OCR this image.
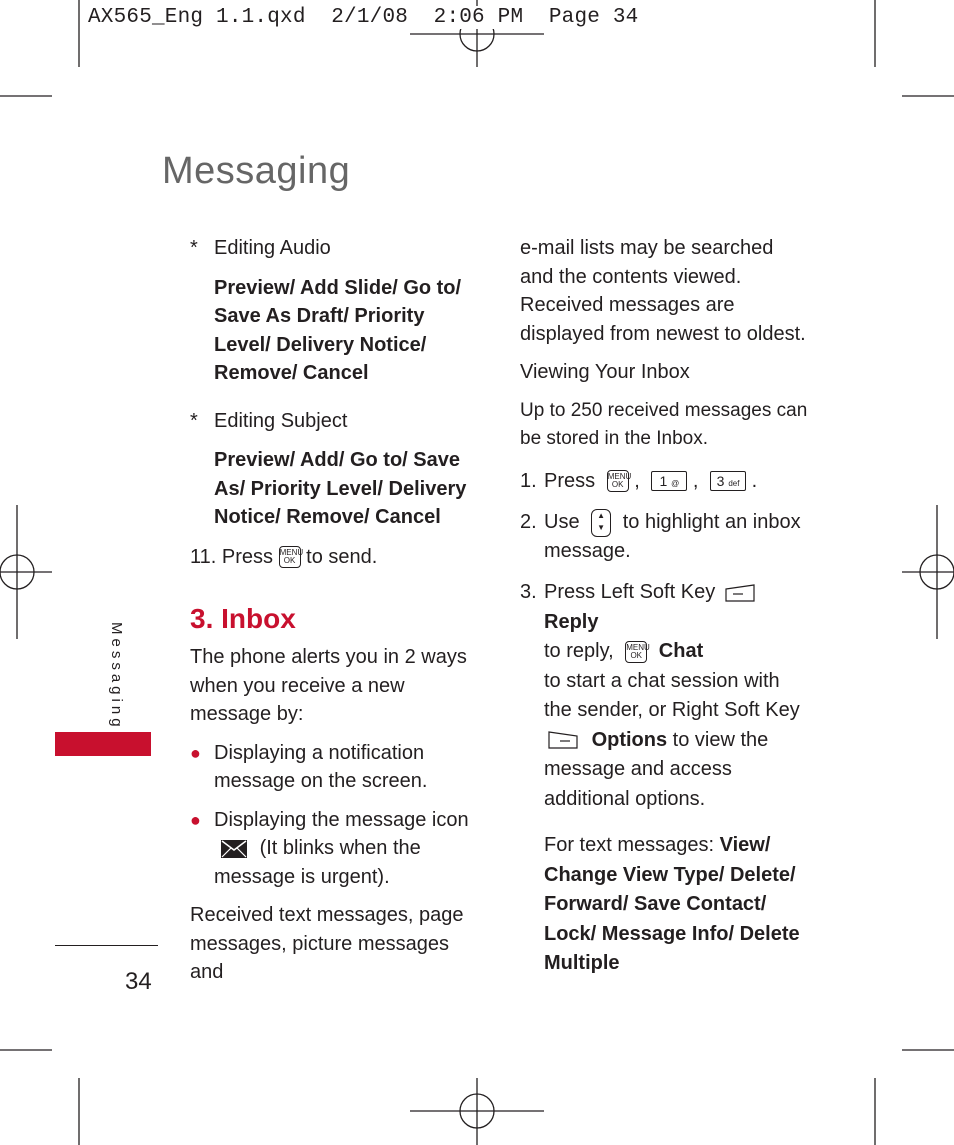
AX565_Eng 1.1.qxd  2/1/08  2:06 PM  Page 34
Messaging

* Editing Audio

Preview/ Add Slide/ Go to/ Save As Draft/ Priority Level/ Delivery Notice/ Remove/ Cancel

* Editing Subject

Preview/ Add/ Go to/ Save As/ Priority Level/ Delivery Notice/ Remove/ Cancel

11. Press MENU
OK to send.

3. Inbox

The phone alerts you in 2 ways when you receive a new message by:

● Displaying a notification message on the screen.

● Displaying the message icon
(It blinks when the message is urgent).

Received text messages, page messages, picture messages and

e-mail lists may be searched and the contents viewed. Received messages are displayed from newest to oldest.

Viewing Your Inbox

Up to 250 received messages can be stored in the Inbox.

1. Press MENU
OK , 1 @ , 3 def .

2. Use ▲
▼ to highlight an inbox message.

3. Press Left Soft Key  Reply
to reply, MENU
OK Chat
to start a chat session with the sender, or Right Soft Key
Options to view the message and access additional options.

For text messages: View/ Change View Type/ Delete/ Forward/ Save Contact/ Lock/ Message Info/ Delete Multiple

Messaging
34
